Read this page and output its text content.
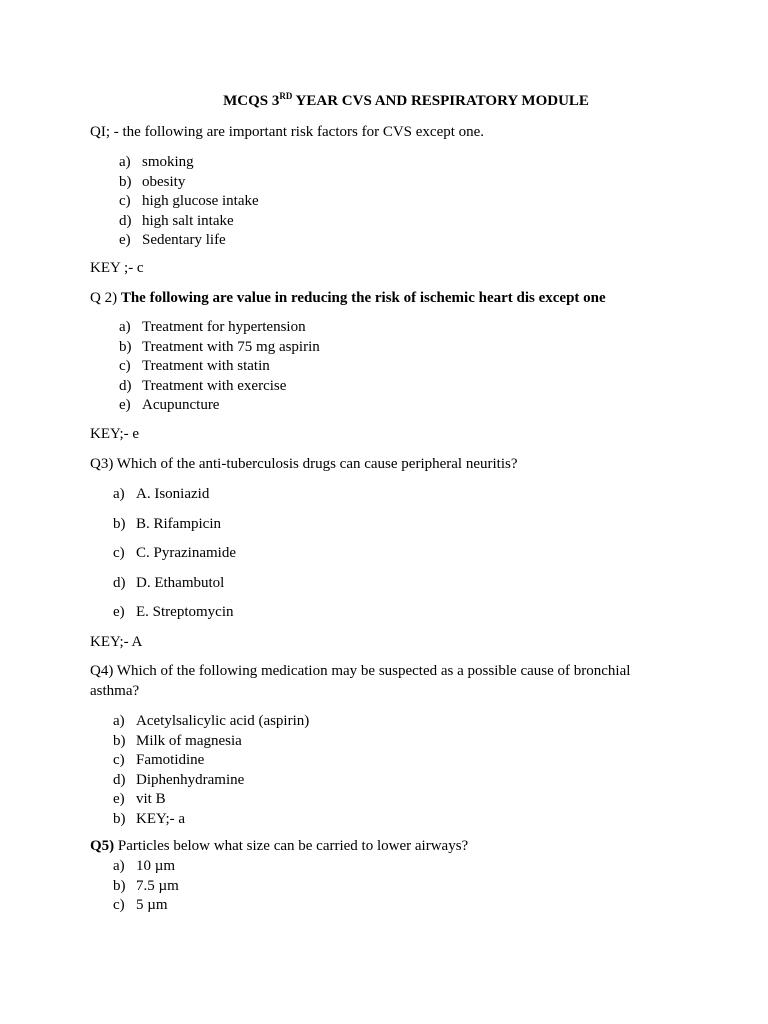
MCQS 3RD YEAR CVS AND RESPIRATORY MODULE

QI; - the following are important risk factors for CVS except one.

a) smoking
b) obesity
c) high glucose intake
d) high salt intake
e) Sedentary life

KEY ;- c

Q 2) The following are value in reducing the risk of ischemic heart dis except one

a) Treatment for hypertension
b) Treatment with 75 mg aspirin
c) Treatment with statin
d) Treatment with exercise
e) Acupuncture

KEY;- e

Q3) Which of the anti-tuberculosis drugs can cause peripheral neuritis?

a) A. Isoniazid
b) B. Rifampicin
c) C. Pyrazinamide
d) D. Ethambutol
e) E. Streptomycin

KEY;- A

Q4) Which of the following medication may be suspected as a possible cause of bronchial asthma?

a) Acetylsalicylic acid (aspirin)
b) Milk of magnesia
c) Famotidine
d) Diphenhydramine
e) vit B
b) KEY;- a

Q5) Particles below what size can be carried to lower airways?

a) 10 µm
b) 7.5 µm
c) 5 µm
